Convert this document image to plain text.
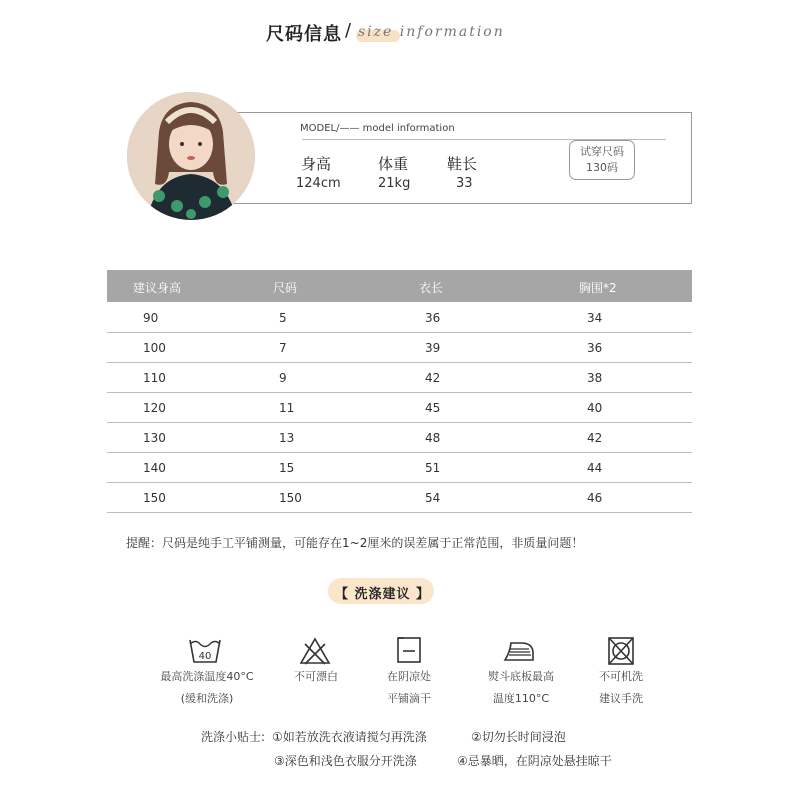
尺码信息 / size information
MODEL/—— model information
身高
124cm
体重
21kg
鞋长
33
试穿尺码
130码
建议身高	尺码	衣长	胸围*2
90	5	36	34
100	7	39	36
110	9	42	38
120	11	45	40
130	13	48	42
140	15	51	44
150	150	54	46
提醒：尺码是纯手工平铺测量，可能存在1~2厘米的误差属于正常范围，非质量问题！
【 洗涤建议 】
40
最高洗涤温度40°C
(缓和洗涤)
不可漂白	在阴凉处
平铺滴干
熨斗底板最高
温度110°C
不可机洗
建议手洗
洗涤小贴士: ①如若放洗衣液请搅匀再洗涤	②切勿长时间浸泡
③深色和浅色衣服分开洗涤	④忌暴晒，在阴凉处悬挂晾干
